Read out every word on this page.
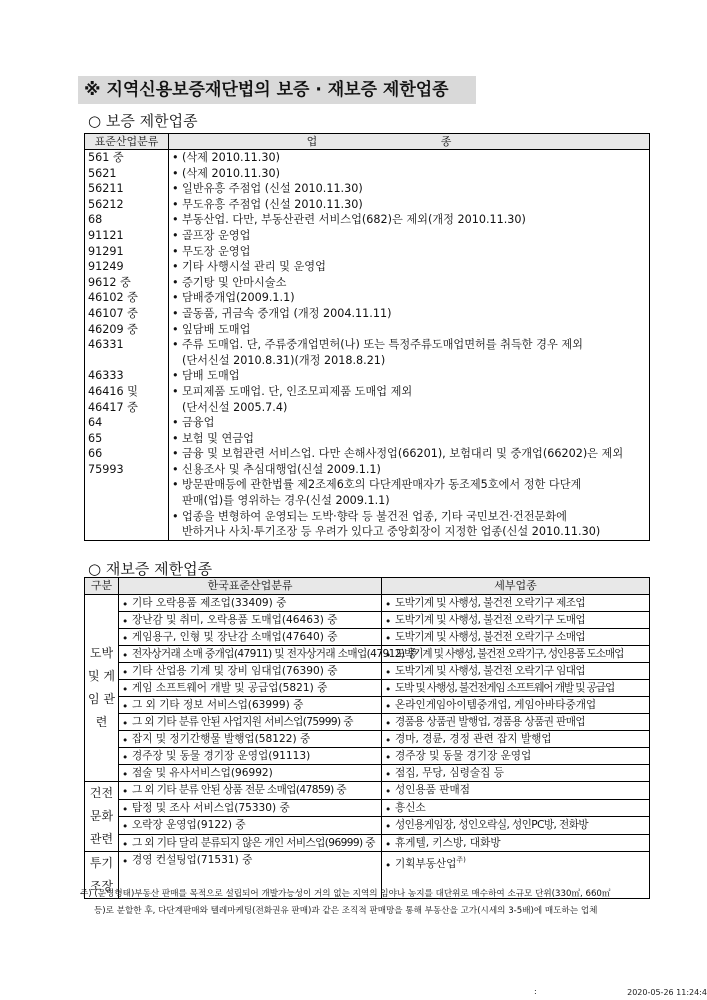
※ 지역신용보증재단법의 보증 · 재보증 제한업종
○ 보증 제한업종
표준산업분류	업 종
561 중	• (삭제 2010.11.30)

5621	• (삭제 2010.11.30)

56211	• 일반유흥 주점업 (신설 2010.11.30)

56212	• 무도유흥 주점업 (신설 2010.11.30)

68	• 부동산업. 다만, 부동산관련 서비스업(682)은 제외(개정 2010.11.30)

91121	• 골프장 운영업

91291	• 무도장 운영업

91249	• 기타 사행시설 관리 및 운영업

9612 중	• 증기탕 및 안마시술소

46102 중	• 담배중개업(2009.1.1)

46107 중	• 골동품, 귀금속 중개업 (개정 2004.11.11)

46209 중	• 잎담배 도매업

46331	• 주류 도매업. 단, 주류중개업면허(나) 또는 특정주류도매업면허를 취득한 경우 제외
(단서신설 2010.8.31)(개정 2018.8.21)

46333	• 담배 도매업

46416 및	• 모피제품 도매업. 단, 인조모피제품 도매업 제외

46417 중	(단서신설 2005.7.4)

64	• 금융업

65	• 보험 및 연금업

66	• 금융 및 보험관련 서비스업. 다만 손해사정업(66201), 보험대리 및 중개업(66202)은 제외

75993	• 신용조사 및 추심대행업(신설 2009.1.1)

	• 방문판매등에 관한법률 제2조제6호의 다단계판매자가 동조제5호에서 정한 다단계
판매(업)를 영위하는 경우(신설 2009.1.1)

	• 업종을 변형하여 운영되는 도박·향락 등 불건전 업종, 기타 국민보건·건전문화에
반하거나 사치·투기조장 등 우려가 있다고 중앙회장이 지정한 업종(신설 2010.11.30)
○ 재보증 제한업종
구분	한국표준산업분류	세부업종
도박 및 게임 관련	• 기타 오락용품 제조업(33409) 중	• 도박기계 및 사행성, 불건전 오락기구 제조업
	• 장난감 및 취미, 오락용품 도매업(46463) 중	• 도박기계 및 사행성, 불건전 오락기구 도매업
	• 게임용구, 인형 및 장난감 소매업(47640) 중	• 도박기계 및 사행성, 불건전 오락기구 소매업
	• 전자상거래 소매 중개업(47911) 및 전자상거래 소매업(47912) 중	• 도박기계 및 사행성, 불건전 오락기구, 성인용품 도소매업
	• 기타 산업용 기계 및 장비 임대업(76390) 중	• 도박기계 및 사행성, 불건전 오락기구 임대업
	• 게임 소프트웨어 개발 및 공급업(5821) 중	• 도박 및 사행성, 불건전게임 소프트웨어 개발 및 공급업
	• 그 외 기타 정보 서비스업(63999) 중	• 온라인게임아이템중개업, 게임아바타중개업
	• 그 외 기타 분류 안된 사업지원 서비스업(75999) 중	• 경품용 상품권 발행업, 경품용 상품권 판매업
	• 잡지 및 정기간행물 발행업(58122) 중	• 경마, 경륜, 경정 관련 잡지 발행업
	• 경주장 및 동물 경기장 운영업(91113)	• 경주장 및 동물 경기장 운영업
	• 점술 및 유사서비스업(96992)	• 점집, 무당, 심령술집 등
건전 문화 관련	• 그 외 기타 분류 안된 상품 전문 소매업(47859) 중	• 성인용품 판매점
	• 탐정 및 조사 서비스업(75330) 중	• 흥신소
	• 오락장 운영업(9122) 중	• 성인용게임장, 성인오락실, 성인PC방, 전화방
	• 그 외 기타 달리 분류되지 않은 개인 서비스업(96999) 중	• 휴게텔, 키스방, 대화방
투기 조장	• 경영 컨설팅업(71531) 중	• 기획부동산업$^{주)}$
주) (운영형태)부동산 판매를 목적으로 설립되어 개발가능성이 거의 없는 지역의 임야나 농지를 대단위로 매수하여 소규모 단위(330㎡, 660㎡
등)로 분할한 후, 다단계판매와 텔레마케팅(전화권유 판매)과 같은 조직적 판매망을 통해 부동산을 고가(시세의 3-5배)에 매도하는 업체
:	2020-05-26 11:24:4
